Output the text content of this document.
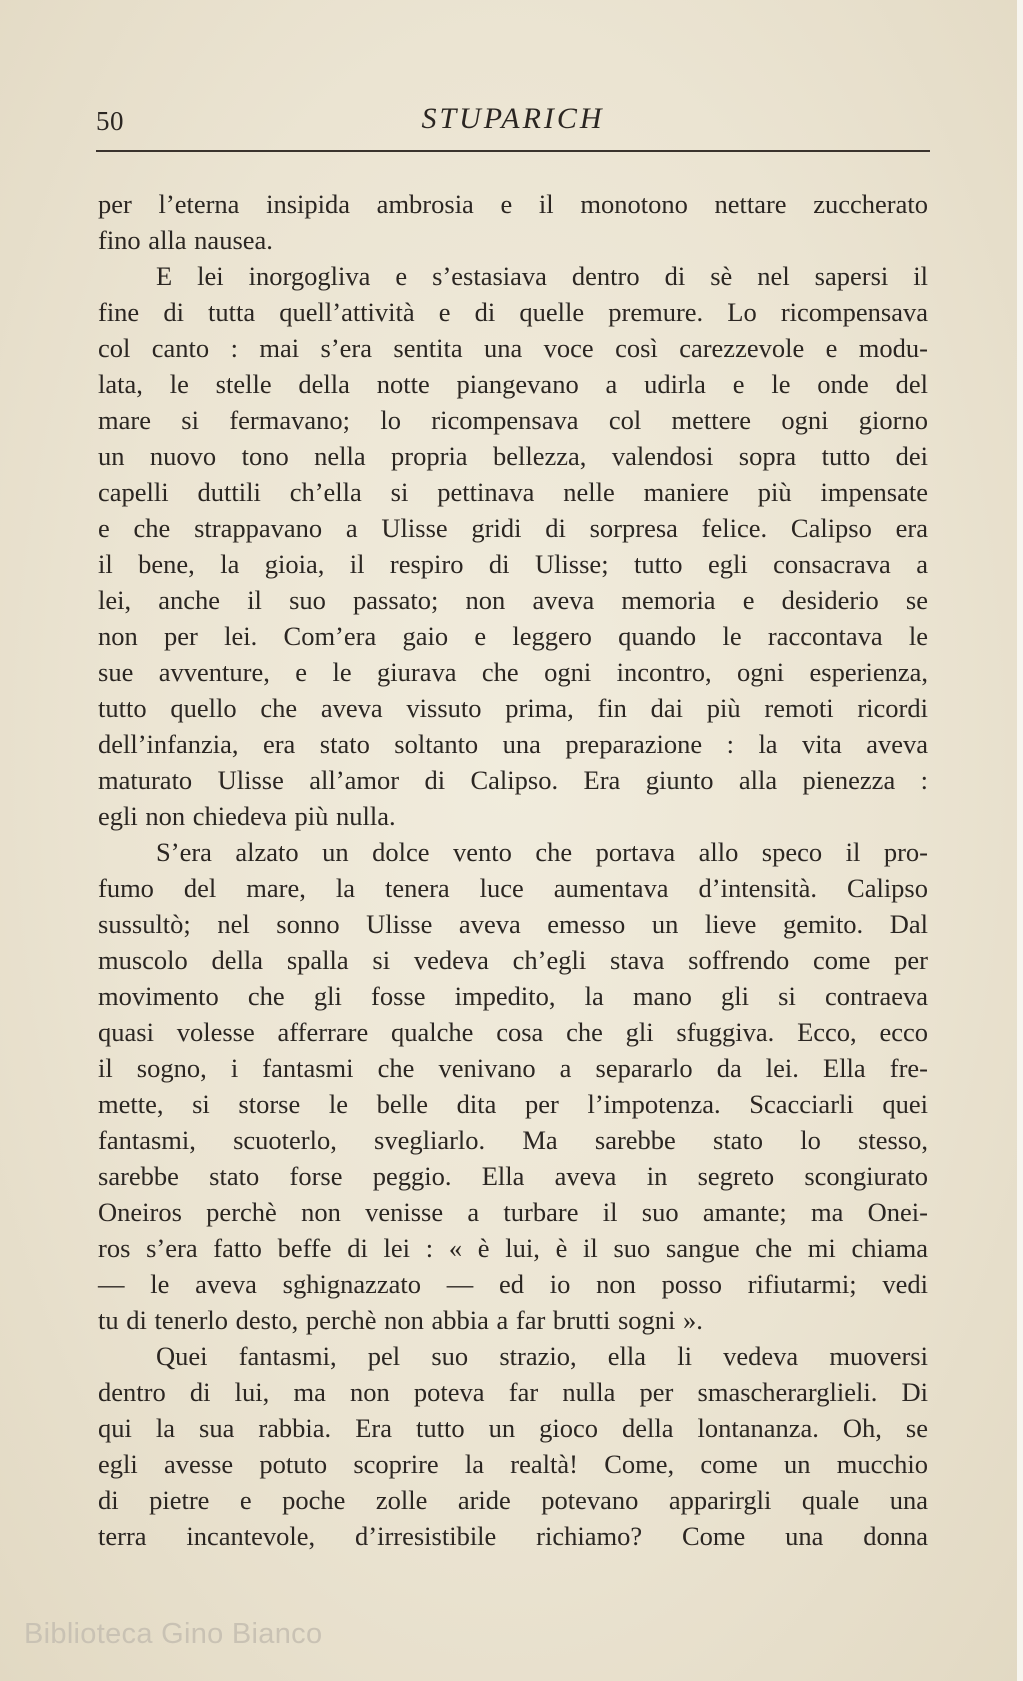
50	STUPARICH
per l’eterna insipida ambrosia e il monotono nettare zuccherato
fino alla nausea.
E lei inorgogliva e s’estasiava dentro di sè nel sapersi il
fine di tutta quell’attività e di quelle premure. Lo ricompensava
col canto : mai s’era sentita una voce così carezzevole e modu-
lata, le stelle della notte piangevano a udirla e le onde del
mare si fermavano; lo ricompensava col mettere ogni giorno
un nuovo tono nella propria bellezza, valendosi sopra tutto dei
capelli duttili ch’ella si pettinava nelle maniere più impensate
e che strappavano a Ulisse gridi di sorpresa felice. Calipso era
il bene, la gioia, il respiro di Ulisse; tutto egli consacrava a
lei, anche il suo passato; non aveva memoria e desiderio se
non per lei. Com’era gaio e leggero quando le raccontava le
sue avventure, e le giurava che ogni incontro, ogni esperienza,
tutto quello che aveva vissuto prima, fin dai più remoti ricordi
dell’infanzia, era stato soltanto una preparazione : la vita aveva
maturato Ulisse all’amor di Calipso. Era giunto alla pienezza :
egli non chiedeva più nulla.
S’era alzato un dolce vento che portava allo speco il pro-
fumo del mare, la tenera luce aumentava d’intensità. Calipso
sussultò; nel sonno Ulisse aveva emesso un lieve gemito. Dal
muscolo della spalla si vedeva ch’egli stava soffrendo come per
movimento che gli fosse impedito, la mano gli si contraeva
quasi volesse afferrare qualche cosa che gli sfuggiva. Ecco, ecco
il sogno, i fantasmi che venivano a separarlo da lei. Ella fre-
mette, si storse le belle dita per l’impotenza. Scacciarli quei
fantasmi, scuoterlo, svegliarlo. Ma sarebbe stato lo stesso,
sarebbe stato forse peggio. Ella aveva in segreto scongiurato
Oneiros perchè non venisse a turbare il suo amante; ma Onei-
ros s’era fatto beffe di lei : « è lui, è il suo sangue che mi chiama
— le aveva sghignazzato — ed io non posso rifiutarmi; vedi
tu di tenerlo desto, perchè non abbia a far brutti sogni ».
Quei fantasmi, pel suo strazio, ella li vedeva muoversi
dentro di lui, ma non poteva far nulla per smascherarglieli. Di
qui la sua rabbia. Era tutto un gioco della lontananza. Oh, se
egli avesse potuto scoprire la realtà! Come, come un mucchio
di pietre e poche zolle aride potevano apparirgli quale una
terra incantevole, d’irresistibile richiamo? Come una donna
Biblioteca Gino Bianco
